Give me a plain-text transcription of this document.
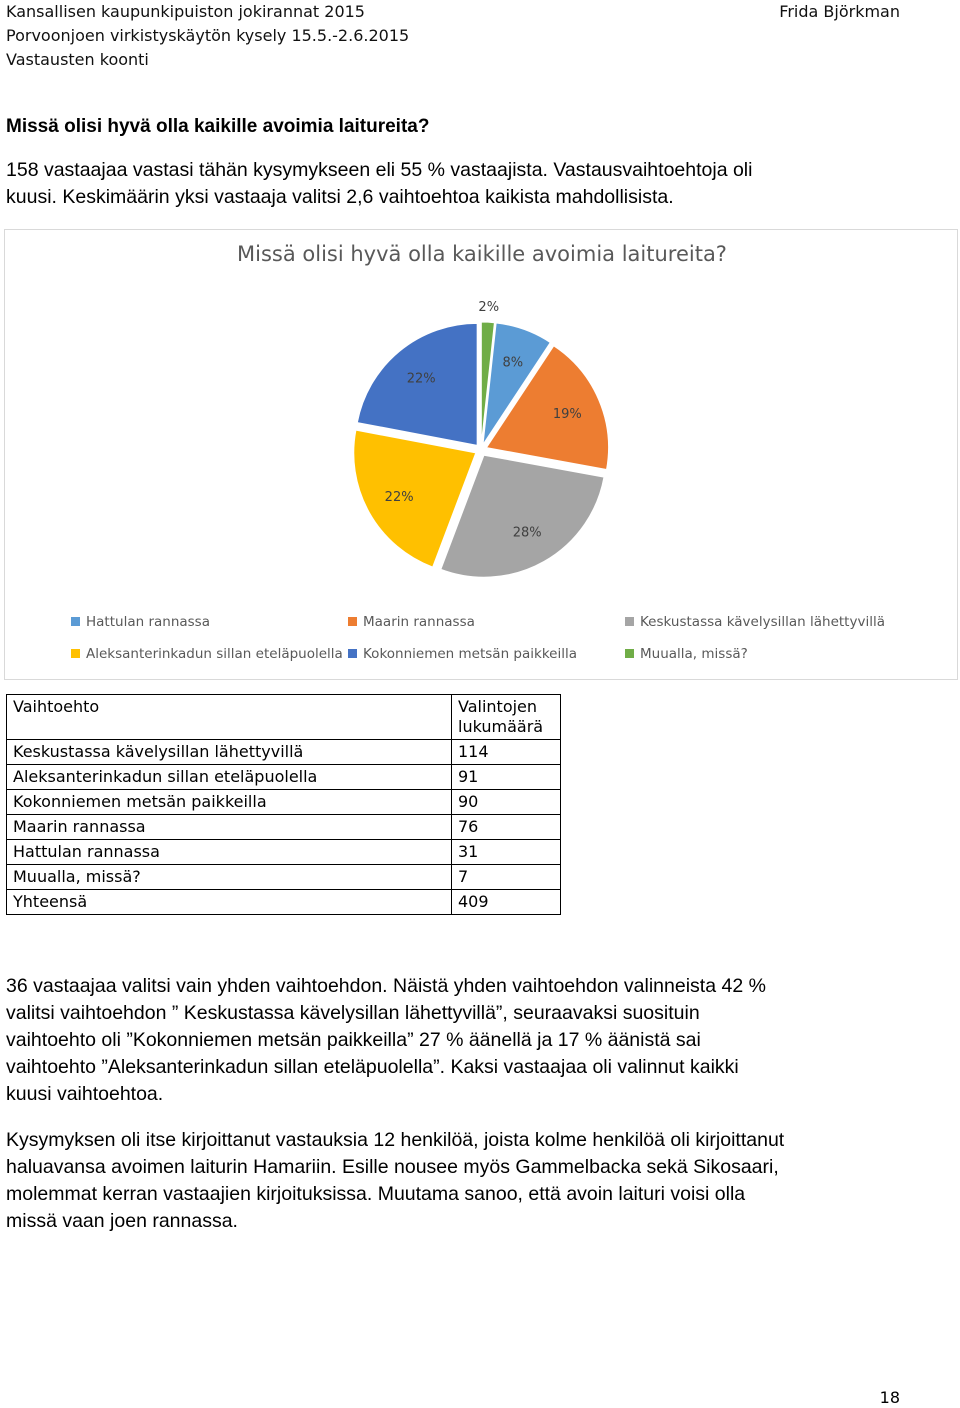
Kansallisen kaupunkipuiston jokirannat 2015
Porvoonjoen virkistyskäytön kysely 15.5.-2.6.2015
Vastausten koonti
Frida Björkman
Missä olisi hyvä olla kaikille avoimia laitureita?
158 vastaajaa vastasi tähän kysymykseen eli 55 % vastaajista. Vastausvaihtoehtoja oli
kuusi. Keskimäärin yksi vastaaja valitsi 2,6 vaihtoehtoa kaikista mahdollisista.
Missä olisi hyvä olla kaikille avoimia laitureita?
2%
8%
19%
28%
22%
22%
Hattulan rannassa	Maarin rannassa	Keskustassa kävelysillan lähettyvillä
Aleksanterinkadun sillan eteläpuolella	Kokonniemen metsän paikkeilla	Muualla, missä?
Vaihtoehto	Valintojen lukumäärä
Keskustassa kävelysillan lähettyvillä	114
Aleksanterinkadun sillan eteläpuolella	91
Kokonniemen metsän paikkeilla	90
Maarin rannassa	76
Hattulan rannassa	31
Muualla, missä?	7
Yhteensä	409
36 vastaajaa valitsi vain yhden vaihtoehdon. Näistä yhden vaihtoehdon valinneista 42 %
valitsi vaihtoehdon ” Keskustassa kävelysillan lähettyvillä”, seuraavaksi suosituin
vaihtoehto oli ”Kokonniemen metsän paikkeilla” 27 % äänellä ja 17 % äänistä sai
vaihtoehto ”Aleksanterinkadun sillan eteläpuolella”. Kaksi vastaajaa oli valinnut kaikki
kuusi vaihtoehtoa.
Kysymyksen oli itse kirjoittanut vastauksia 12 henkilöä, joista kolme henkilöä oli kirjoittanut
haluavansa avoimen laiturin Hamariin. Esille nousee myös Gammelbacka sekä Sikosaari,
molemmat kerran vastaajien kirjoituksissa. Muutama sanoo, että avoin laituri voisi olla
missä vaan joen rannassa.
18
